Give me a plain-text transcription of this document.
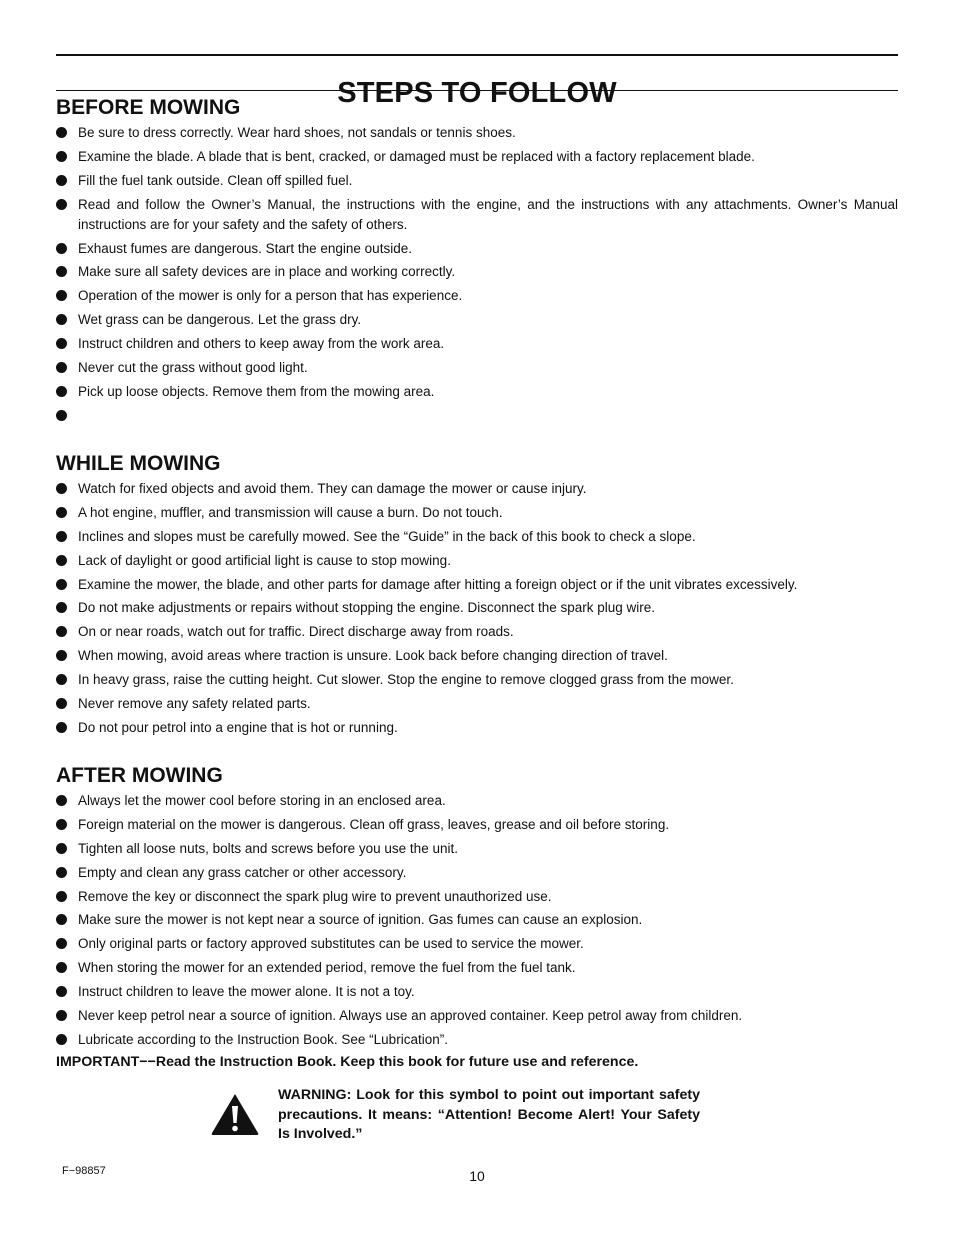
STEPS TO FOLLOW
BEFORE MOWING
Be sure to dress correctly. Wear hard shoes, not sandals or tennis shoes.
Examine the blade. A blade that is bent, cracked, or damaged must be replaced with a factory replacement blade.
Fill the fuel tank outside. Clean off spilled fuel.
Read and follow the Owner’s Manual, the instructions with the engine, and the instructions with any attachments. Owner’s Manual instructions are for your safety and the safety of others.
Exhaust fumes are dangerous. Start the engine outside.
Make sure all safety devices are in place and working correctly.
Operation of the mower is only for a person that has experience.
Wet grass can be dangerous. Let the grass dry.
Instruct children and others to keep away from the work area.
Never cut the grass without good light.
Pick up loose objects. Remove them from the mowing area.

WHILE MOWING
Watch for fixed objects and avoid them. They can damage the mower or cause injury.
A hot engine, muffler, and transmission will cause a burn. Do not touch.
Inclines and slopes must be carefully mowed. See the “Guide” in the back of this book to check a slope.
Lack of daylight or good artificial light is cause to stop mowing.
Examine the mower, the blade, and other parts for damage after hitting a foreign object or if the unit vibrates excessively.
Do not make adjustments or repairs without stopping the engine. Disconnect the spark plug wire.
On or near roads, watch out for traffic. Direct discharge away from roads.
When mowing, avoid areas where traction is unsure. Look back before changing direction of travel.
In heavy grass, raise the cutting height. Cut slower. Stop the engine to remove clogged grass from the mower.
Never remove any safety related parts.
Do not pour petrol into a engine that is hot or running.
AFTER MOWING
Always let the mower cool before storing in an enclosed area.
Foreign material on the mower is dangerous. Clean off grass, leaves, grease and oil before storing.
Tighten all loose nuts, bolts and screws before you use the unit.
Empty and clean any grass catcher or other accessory.
Remove the key or disconnect the spark plug wire to prevent unauthorized use.
Make sure the mower is not kept near a source of ignition. Gas fumes can cause an explosion.
Only original parts or factory approved substitutes can be used to service the mower.
When storing the mower for an extended period, remove the fuel from the fuel tank.
Instruct children to leave the mower alone. It is not a toy.
Never keep petrol near a source of ignition. Always use an approved container. Keep petrol away from children.
Lubricate according to the Instruction Book. See “Lubrication”.
IMPORTANT−−Read the Instruction Book. Keep this book for future use and reference.
WARNING: Look for this symbol to point out important safety precautions. It means: “Attention! Become Alert! Your Safety Is Involved.”
F−98857	10
